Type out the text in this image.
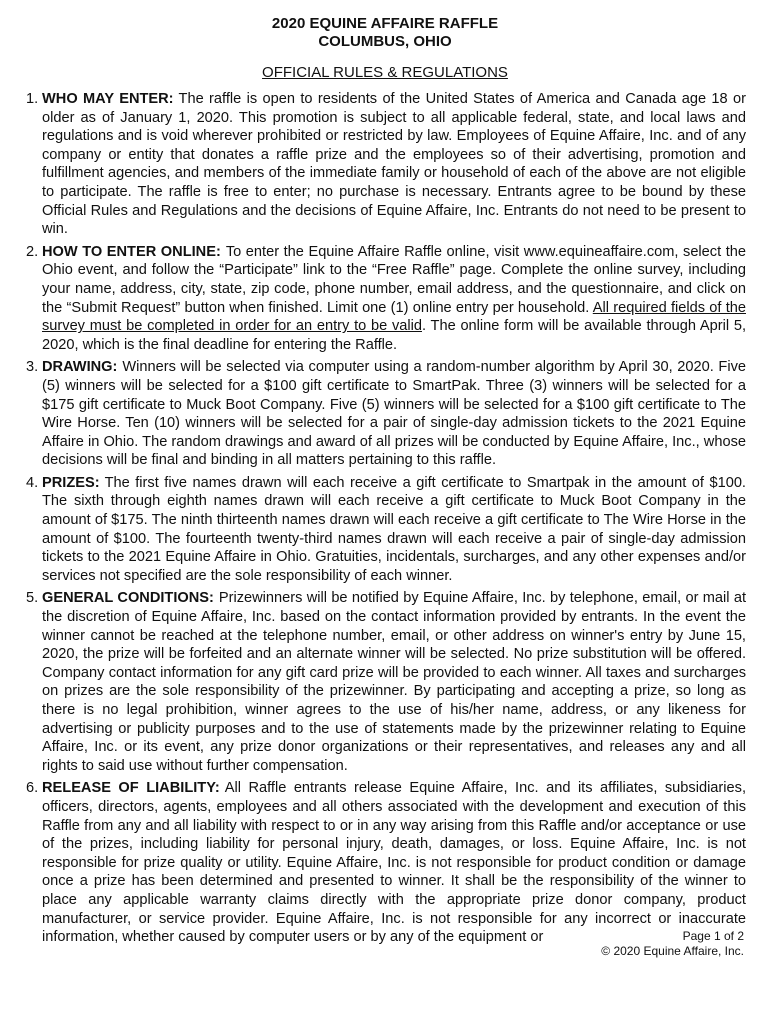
2020 EQUINE AFFAIRE RAFFLE
COLUMBUS, OHIO
OFFICIAL RULES & REGULATIONS
1. WHO MAY ENTER: The raffle is open to residents of the United States of America and Canada age 18 or older as of January 1, 2020. This promotion is subject to all applicable federal, state, and local laws and regulations and is void wherever prohibited or restricted by law. Employees of Equine Affaire, Inc. and of any company or entity that donates a raffle prize and the employees so of their advertising, promotion and fulfillment agencies, and members of the immediate family or household of each of the above are not eligible to participate. The raffle is free to enter; no purchase is necessary. Entrants agree to be bound by these Official Rules and Regulations and the decisions of Equine Affaire, Inc. Entrants do not need to be present to win.
2. HOW TO ENTER ONLINE: To enter the Equine Affaire Raffle online, visit www.equineaffaire.com, select the Ohio event, and follow the “Participate” link to the “Free Raffle” page. Complete the online survey, including your name, address, city, state, zip code, phone number, email address, and the questionnaire, and click on the “Submit Request” button when finished. Limit one (1) online entry per household. All required fields of the survey must be completed in order for an entry to be valid. The online form will be available through April 5, 2020, which is the final deadline for entering the Raffle.
3. DRAWING: Winners will be selected via computer using a random-number algorithm by April 30, 2020. Five (5) winners will be selected for a $100 gift certificate to SmartPak. Three (3) winners will be selected for a $175 gift certificate to Muck Boot Company. Five (5) winners will be selected for a $100 gift certificate to The Wire Horse. Ten (10) winners will be selected for a pair of single-day admission tickets to the 2021 Equine Affaire in Ohio. The random drawings and award of all prizes will be conducted by Equine Affaire, Inc., whose decisions will be final and binding in all matters pertaining to this raffle.
4. PRIZES: The first five names drawn will each receive a gift certificate to Smartpak in the amount of $100. The sixth through eighth names drawn will each receive a gift certificate to Muck Boot Company in the amount of $175. The ninth thirteenth names drawn will each receive a gift certificate to The Wire Horse in the amount of $100. The fourteenth twenty-third names drawn will each receive a pair of single-day admission tickets to the 2021 Equine Affaire in Ohio. Gratuities, incidentals, surcharges, and any other expenses and/or services not specified are the sole responsibility of each winner.
5. GENERAL CONDITIONS: Prizewinners will be notified by Equine Affaire, Inc. by telephone, email, or mail at the discretion of Equine Affaire, Inc. based on the contact information provided by entrants. In the event the winner cannot be reached at the telephone number, email, or other address on winner's entry by June 15, 2020, the prize will be forfeited and an alternate winner will be selected. No prize substitution will be offered. Company contact information for any gift card prize will be provided to each winner. All taxes and surcharges on prizes are the sole responsibility of the prizewinner. By participating and accepting a prize, so long as there is no legal prohibition, winner agrees to the use of his/her name, address, or any likeness for advertising or publicity purposes and to the use of statements made by the prizewinner relating to Equine Affaire, Inc. or its event, any prize donor organizations or their representatives, and releases any and all rights to said use without further compensation.
6. RELEASE OF LIABILITY: All Raffle entrants release Equine Affaire, Inc. and its affiliates, subsidiaries, officers, directors, agents, employees and all others associated with the development and execution of this Raffle from any and all liability with respect to or in any way arising from this Raffle and/or acceptance or use of the prizes, including liability for personal injury, death, damages, or loss. Equine Affaire, Inc. is not responsible for prize quality or utility. Equine Affaire, Inc. is not responsible for product condition or damage once a prize has been determined and presented to winner. It shall be the responsibility of the winner to place any applicable warranty claims directly with the appropriate prize donor company, product manufacturer, or service provider. Equine Affaire, Inc. is not responsible for any incorrect or inaccurate information, whether caused by computer users or by any of the equipment or	Page 1 of 2
© 2020 Equine Affaire, Inc.
